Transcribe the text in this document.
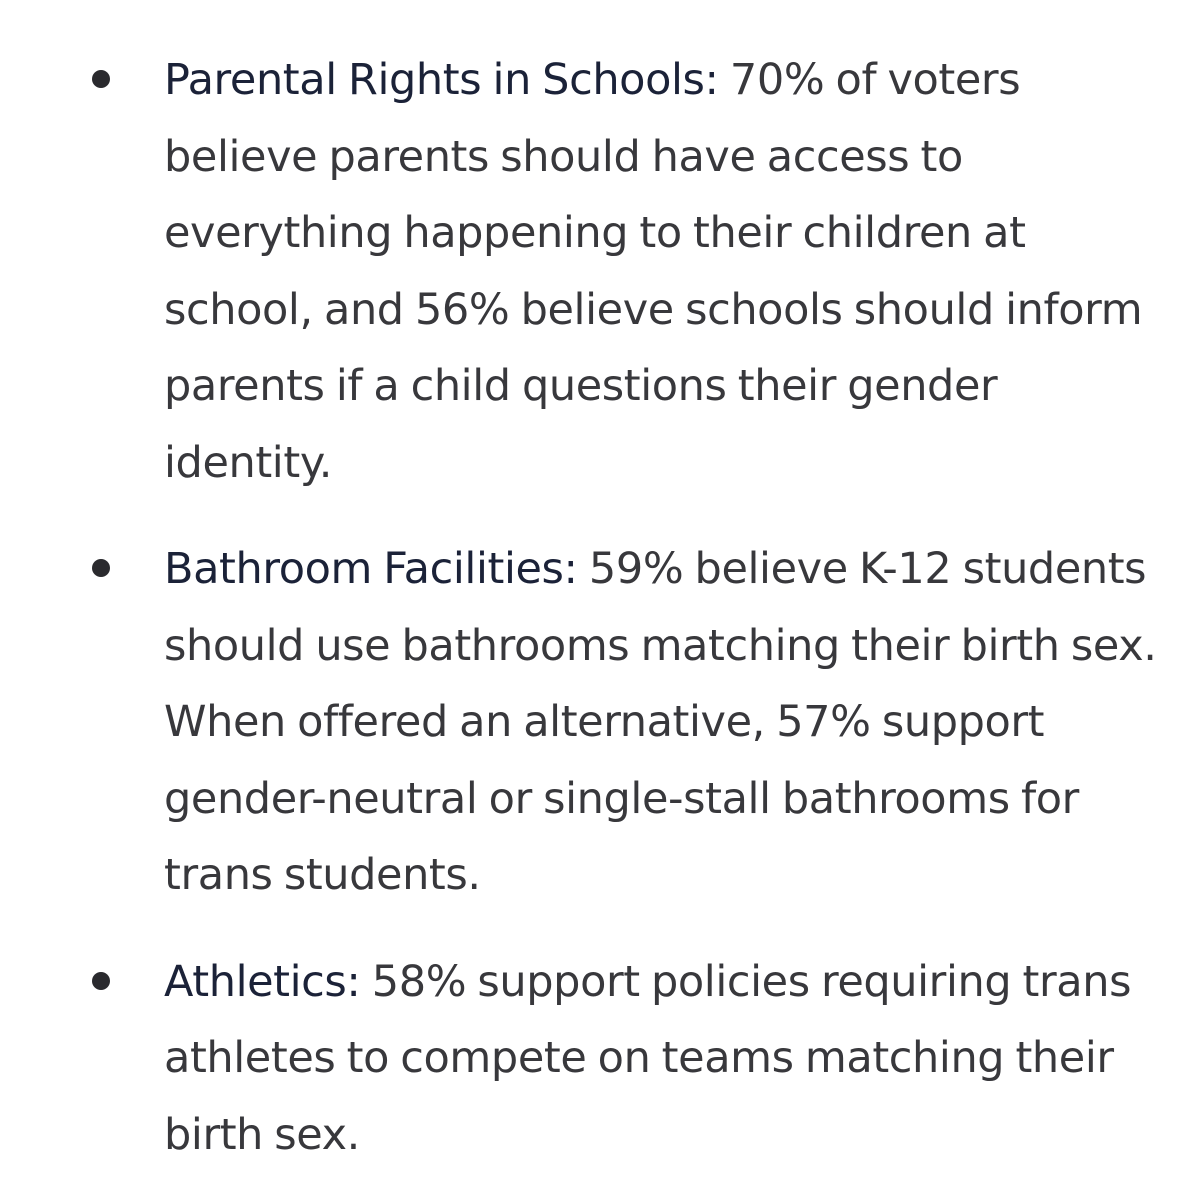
Parental Rights in Schools: 70% of voters believe parents should have access to everything happening to their children at school, and 56% believe schools should inform parents if a child questions their gender identity.
Bathroom Facilities: 59% believe K-12 students should use bathrooms matching their birth sex. When offered an alternative, 57% support gender-neutral or single-stall bathrooms for trans students.
Athletics: 58% support policies requiring trans athletes to compete on teams matching their birth sex.
